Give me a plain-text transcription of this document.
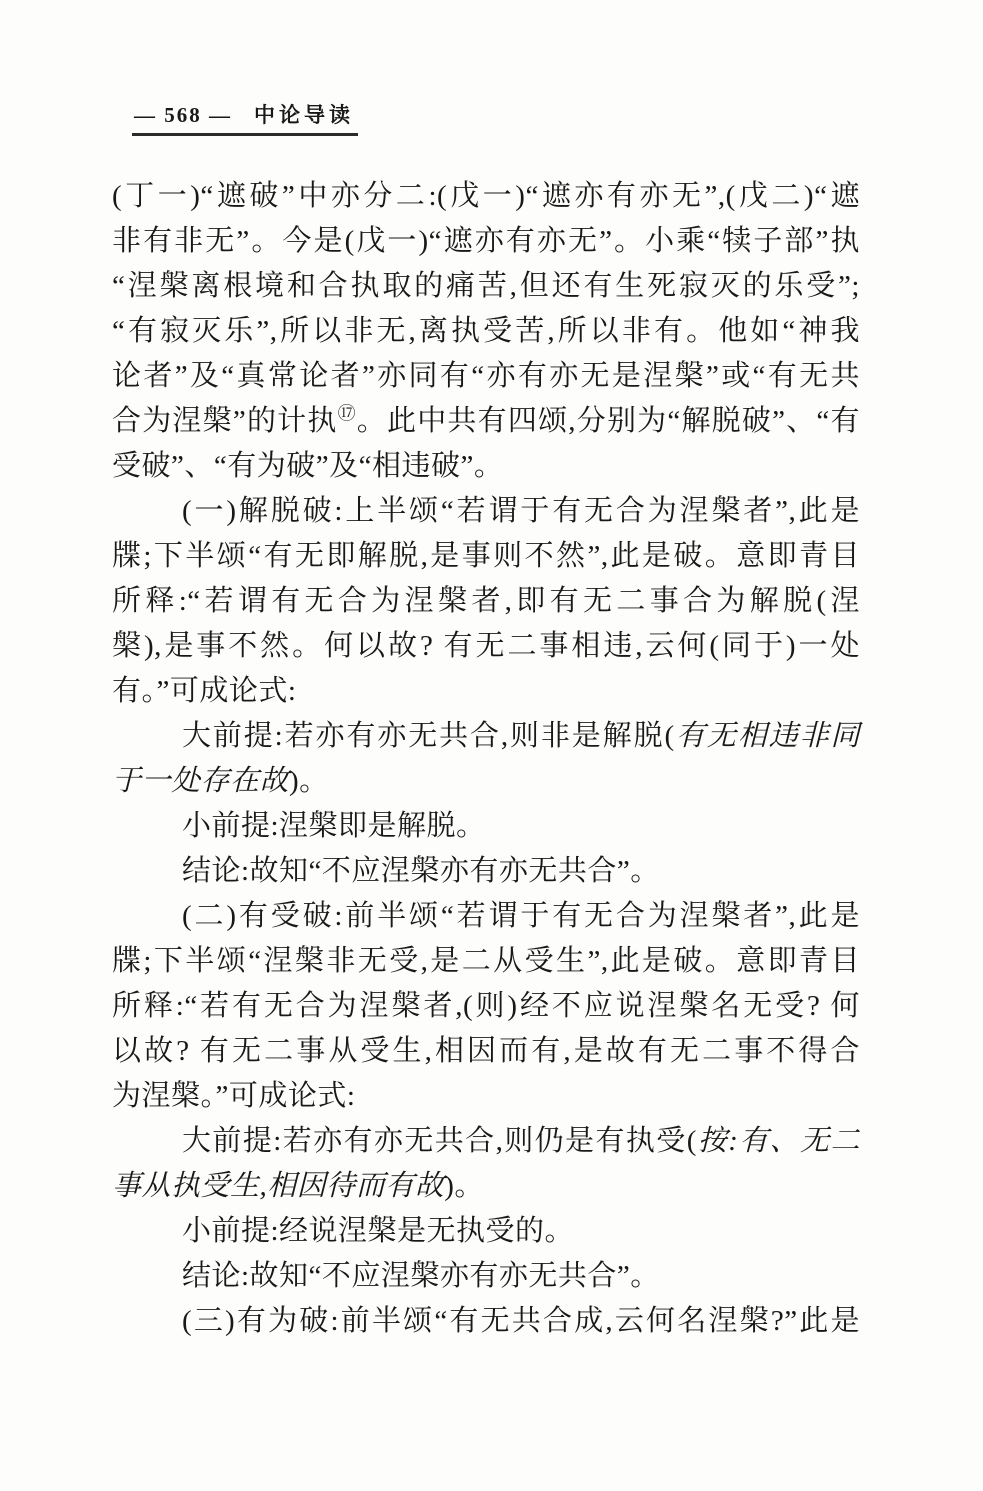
— 568 — 中论导读
(丁一)“遮破”中亦分二:(戊一)“遮亦有亦无”,(戊二)“遮
非有非无”。今是(戊一)“遮亦有亦无”。小乘“犊子部”执
“涅槃离根境和合执取的痛苦,但还有生死寂灭的乐受”;
“有寂灭乐”,所以非无,离执受苦,所以非有。他如“神我
论者”及“真常论者”亦同有“亦有亦无是涅槃”或“有无共
合为涅槃”的计执⑰。此中共有四颂,分别为“解脱破”、“有
受破”、“有为破”及“相违破”。
(一)解脱破:上半颂“若谓于有无合为涅槃者”,此是
牒;下半颂“有无即解脱,是事则不然”,此是破。意即青目
所释:“若谓有无合为涅槃者,即有无二事合为解脱(涅
槃),是事不然。何以故? 有无二事相违,云何(同于)一处
有。”可成论式:
大前提:若亦有亦无共合,则非是解脱(有无相违非同
于一处存在故)。
小前提:涅槃即是解脱。
结论:故知“不应涅槃亦有亦无共合”。
(二)有受破:前半颂“若谓于有无合为涅槃者”,此是
牒;下半颂“涅槃非无受,是二从受生”,此是破。意即青目
所释:“若有无合为涅槃者,(则)经不应说涅槃名无受? 何
以故? 有无二事从受生,相因而有,是故有无二事不得合
为涅槃。”可成论式:
大前提:若亦有亦无共合,则仍是有执受(按:有、无二
事从执受生,相因待而有故)。
小前提:经说涅槃是无执受的。
结论:故知“不应涅槃亦有亦无共合”。
(三)有为破:前半颂“有无共合成,云何名涅槃?”此是
